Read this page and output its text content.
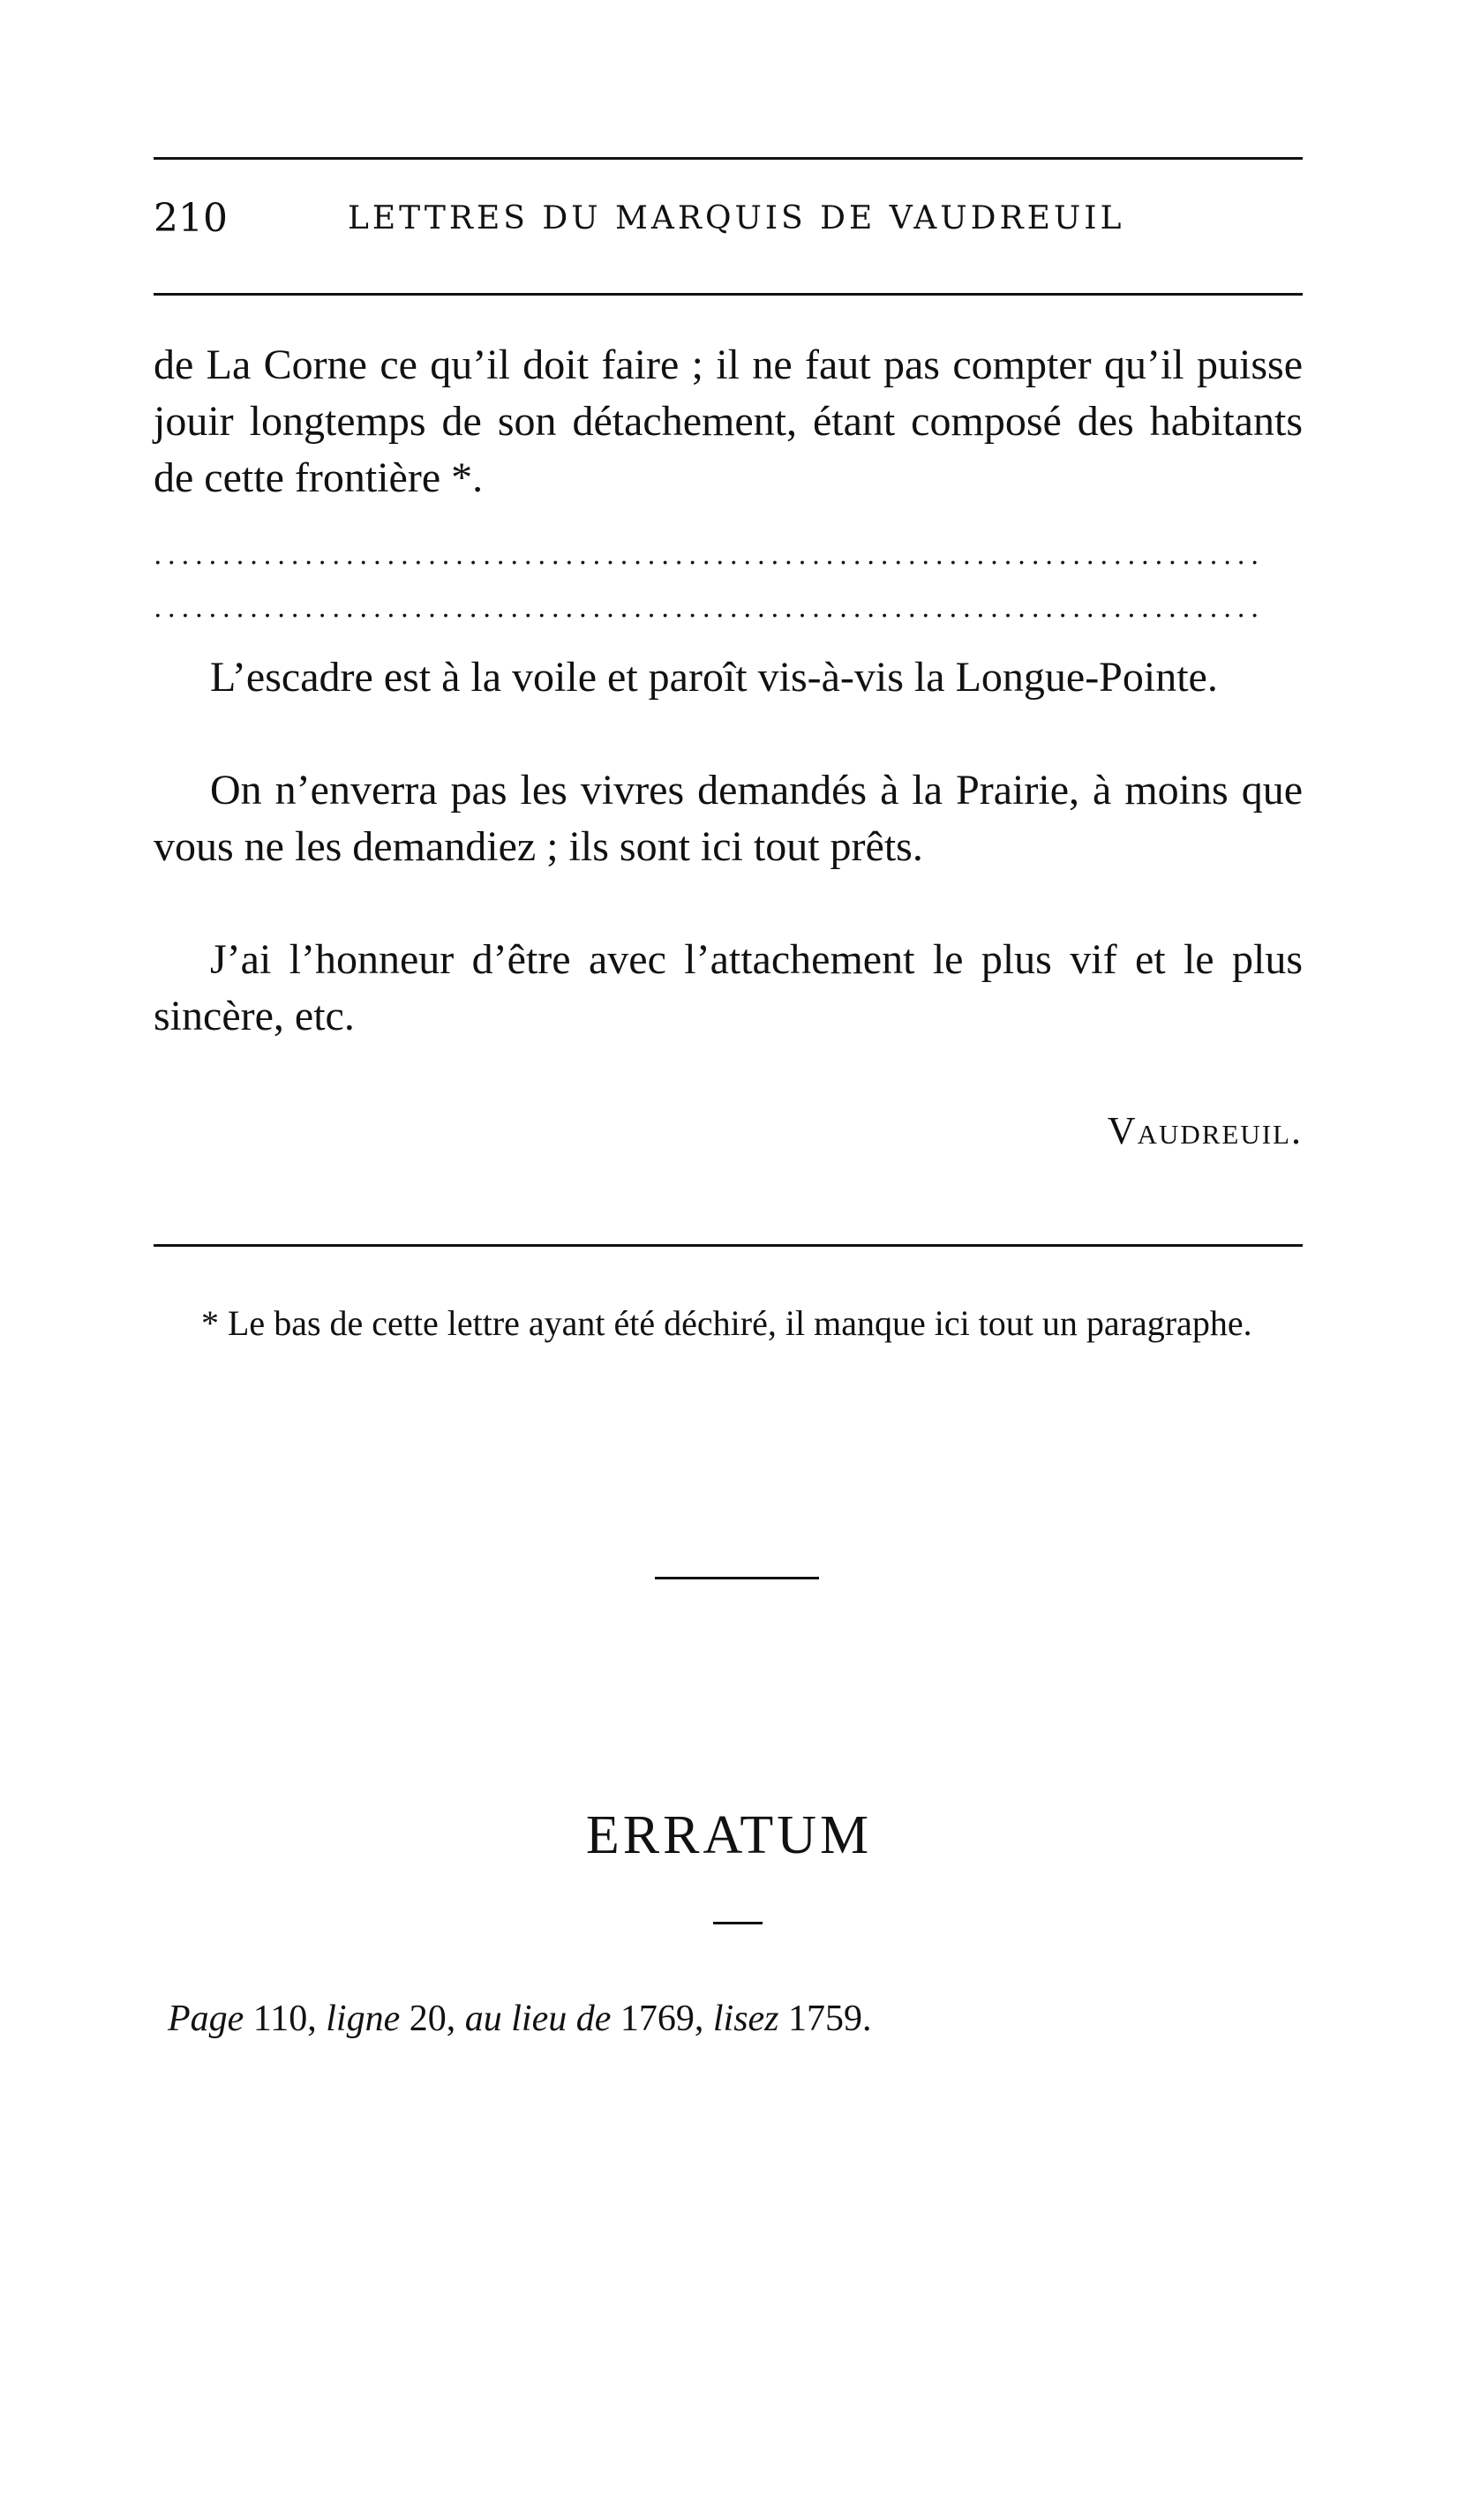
210	LETTRES DU MARQUIS DE VAUDREUIL

de La Corne ce qu’il doit faire ; il ne faut pas compter qu’il puisse jouir longtemps de son détachement, étant composé des habitants de cette frontière *.

.................................................................................
.................................................................................

L’escadre est à la voile et paroît vis-à-vis la Longue-Pointe.

On n’enverra pas les vivres demandés à la Prairie, à moins que vous ne les demandiez ; ils sont ici tout prêts.

J’ai l’honneur d’être avec l’attachement le plus vif et le plus sincère, etc.

Vaudreuil.

* Le bas de cette lettre ayant été déchiré, il manque ici tout un paragraphe.

ERRATUM
Page 110, ligne 20, au lieu de 1769, lisez 1759.
